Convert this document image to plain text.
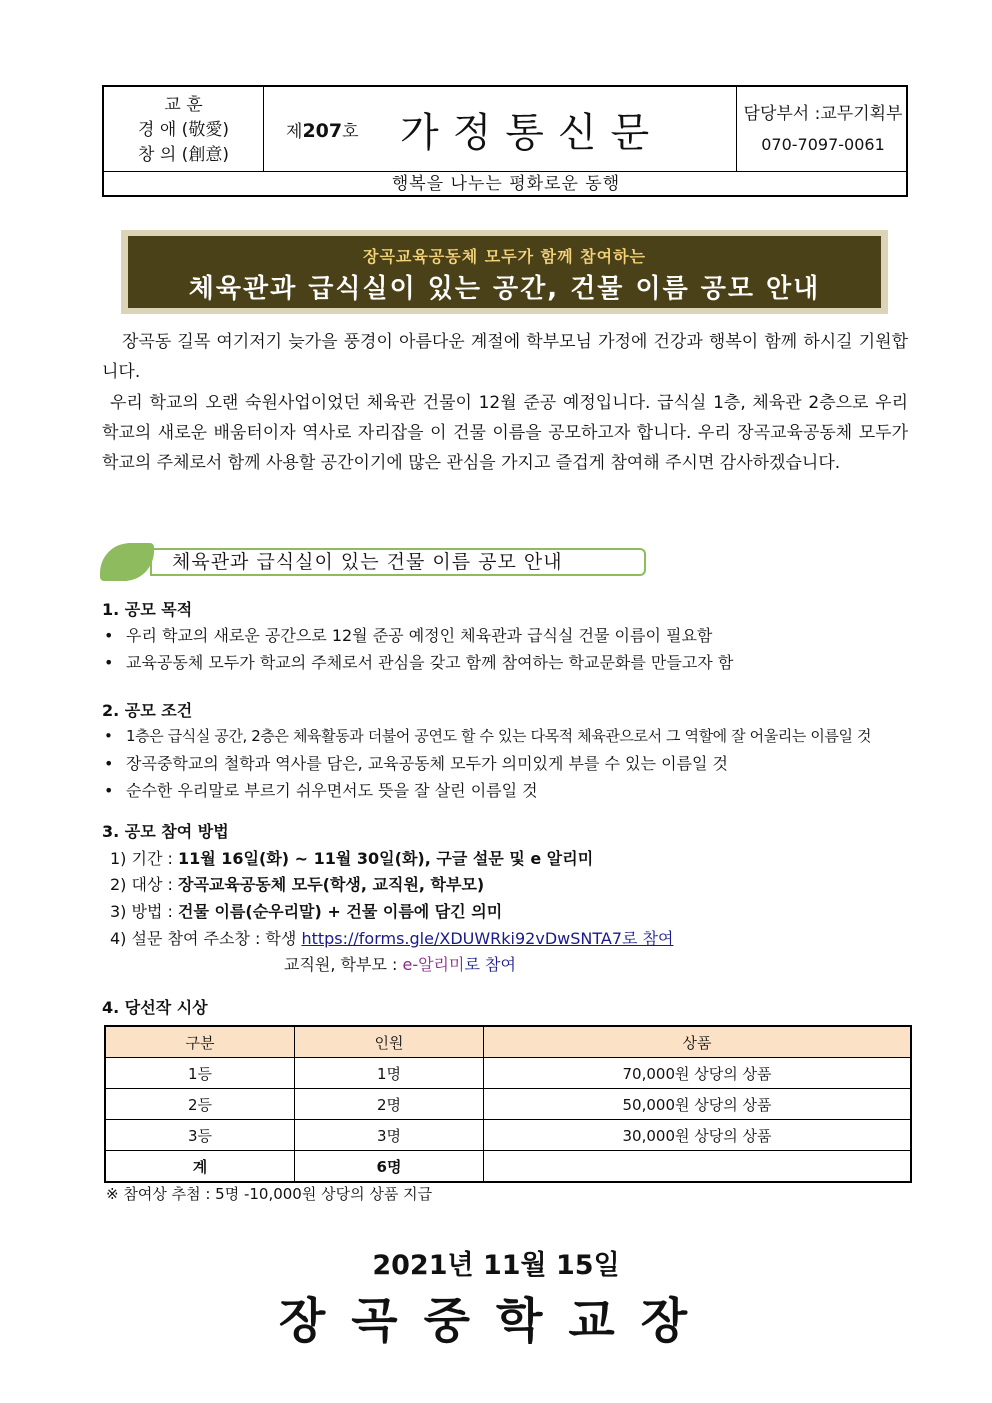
교 훈
경 애 (敬愛)
창 의 (創意)
제207호 가정통신문	담당부서 :교무기획부
070-7097-0061
행복을 나누는 평화로운 동행
장곡교육공동체 모두가 함께 참여하는
체육관과 급식실이 있는 공간, 건물 이름 공모 안내
장곡동 길목 여기저기 늦가을 풍경이 아름다운 계절에 학부모님 가정에 건강과 행복이 함께 하시길 기원합니다.
우리 학교의 오랜 숙원사업이었던 체육관 건물이 12월 준공 예정입니다. 급식실 1층, 체육관 2층으로 우리 학교의 새로운 배움터이자 역사로 자리잡을 이 건물 이름을 공모하고자 합니다. 우리 장곡교육공동체 모두가 학교의 주체로서 함께 사용할 공간이기에 많은 관심을 가지고 즐겁게 참여해 주시면 감사하겠습니다.
체육관과 급식실이 있는 건물 이름 공모 안내
1. 공모 목적
• 우리 학교의 새로운 공간으로 12월 준공 예정인 체육관과 급식실 건물 이름이 필요함
• 교육공동체 모두가 학교의 주체로서 관심을 갖고 함께 참여하는 학교문화를 만들고자 함
2. 공모 조건
• 1층은 급식실 공간, 2층은 체육활동과 더불어 공연도 할 수 있는 다목적 체육관으로서 그 역할에 잘 어울리는 이름일 것
• 장곡중학교의 철학과 역사를 담은, 교육공동체 모두가 의미있게 부를 수 있는 이름일 것
• 순수한 우리말로 부르기 쉬우면서도 뜻을 잘 살린 이름일 것
3. 공모 참여 방법
1) 기간 : 11월 16일(화) ~ 11월 30일(화), 구글 설문 및 e 알리미
2) 대상 : 장곡교육공동체 모두(학생, 교직원, 학부모)
3) 방법 : 건물 이름(순우리말) + 건물 이름에 담긴 의미
4) 설문 참여 주소창 : 학생 https://forms.gle/XDUWRki92vDwSNTA7로 참여
교직원, 학부모 : e-알리미로 참여
4. 당선작 시상
구분	인원	상품
1등	1명	70,000원 상당의 상품
2등	2명	50,000원 상당의 상품
3등	3명	30,000원 상당의 상품
계	6명	
※ 참여상 추첨 : 5명 -10,000원 상당의 상품 지급
2021년 11월 15일
장곡중학교장
